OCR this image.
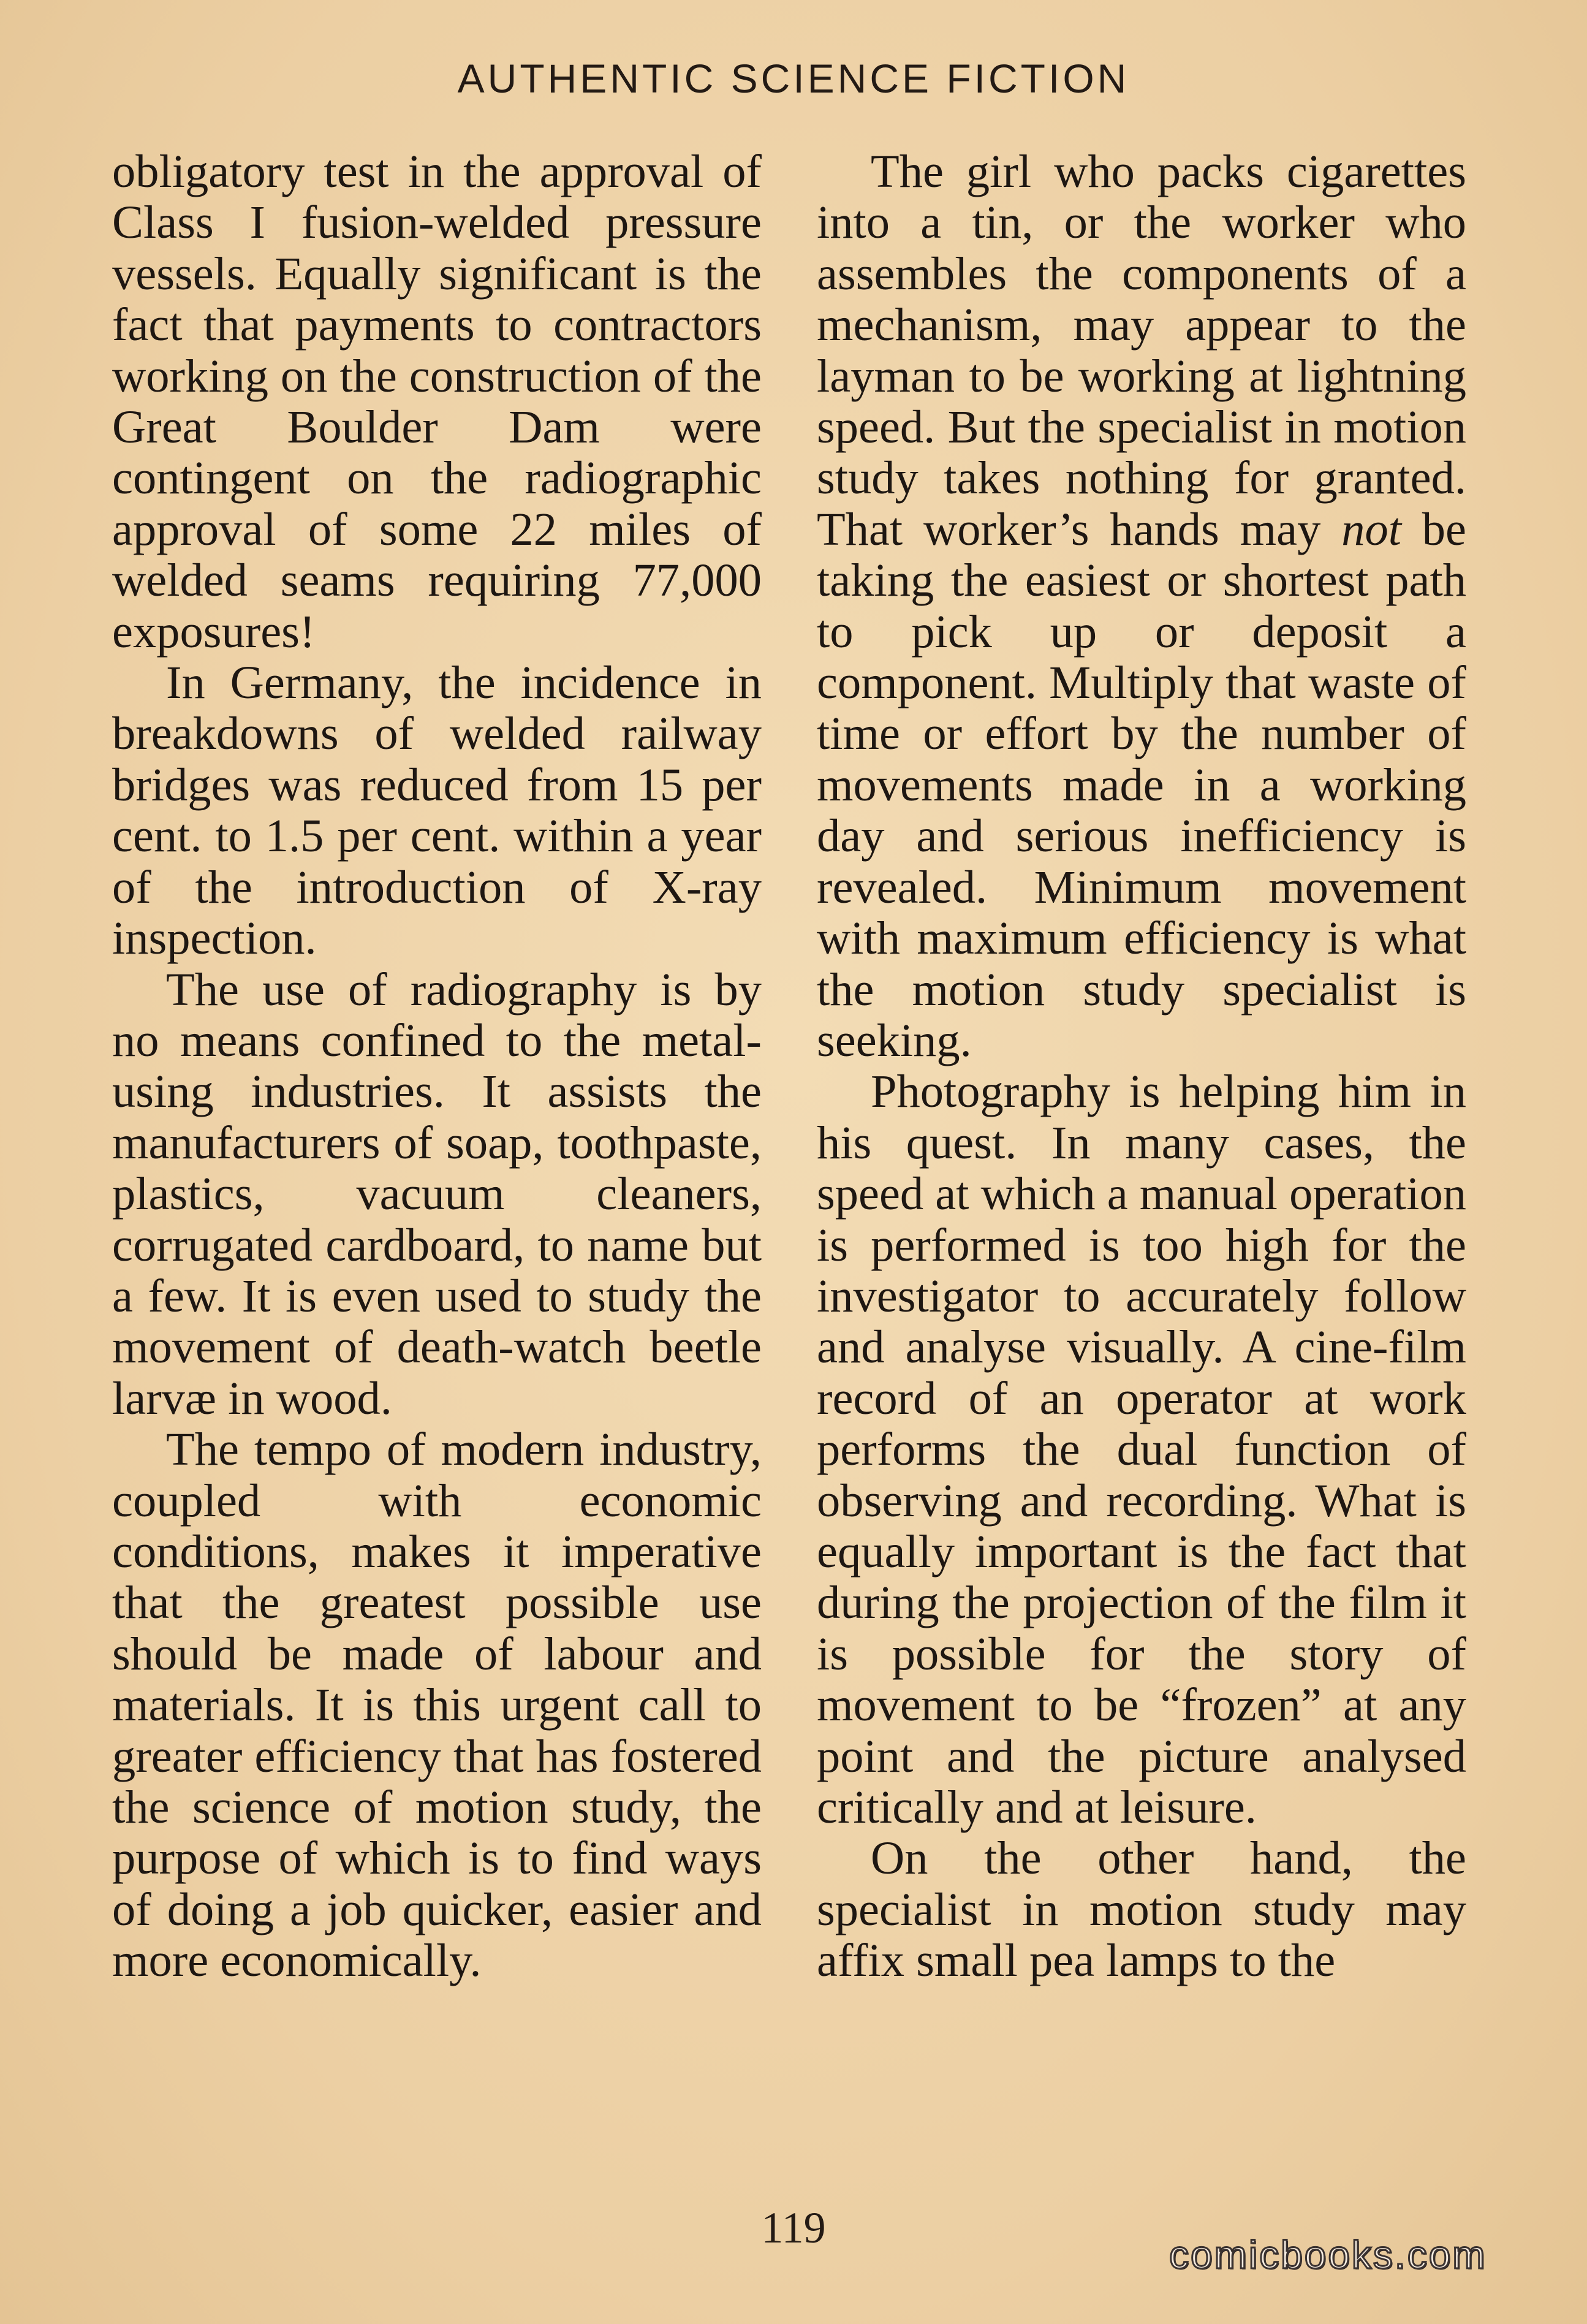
AUTHENTIC SCIENCE FICTION

obligatory test in the approval of Class I fusion-welded pressure vessels. Equally significant is the fact that payments to contractors working on the construction of the Great Boulder Dam were contingent on the radiographic approval of some 22 miles of welded seams requiring 77,000 exposures!

In Germany, the incidence in breakdowns of welded railway bridges was reduced from 15 per cent. to 1.5 per cent. within a year of the introduction of X-ray inspection.

The use of radiography is by no means confined to the metal-using industries. It assists the manufacturers of soap, toothpaste, plastics, vacuum cleaners, corrugated cardboard, to name but a few. It is even used to study the movement of death-watch beetle larvæ in wood.

The tempo of modern industry, coupled with economic conditions, makes it imperative that the greatest possible use should be made of labour and materials. It is this urgent call to greater efficiency that has fostered the science of motion study, the purpose of which is to find ways of doing a job quicker, easier and more economically.

The girl who packs cigarettes into a tin, or the worker who assembles the components of a mechanism, may appear to the layman to be working at lightning speed. But the specialist in motion study takes nothing for granted. That worker’s hands may not be taking the easiest or shortest path to pick up or deposit a component. Multiply that waste of time or effort by the number of movements made in a working day and serious inefficiency is revealed. Minimum movement with maximum efficiency is what the motion study specialist is seeking.

Photography is helping him in his quest. In many cases, the speed at which a manual operation is performed is too high for the investigator to accurately follow and analyse visually. A cine-film record of an operator at work performs the dual function of observing and recording. What is equally important is the fact that during the projection of the film it is possible for the story of movement to be “frozen” at any point and the picture analysed critically and at leisure.

On the other hand, the specialist in motion study may affix small pea lamps to the

119
comicbooks.com
